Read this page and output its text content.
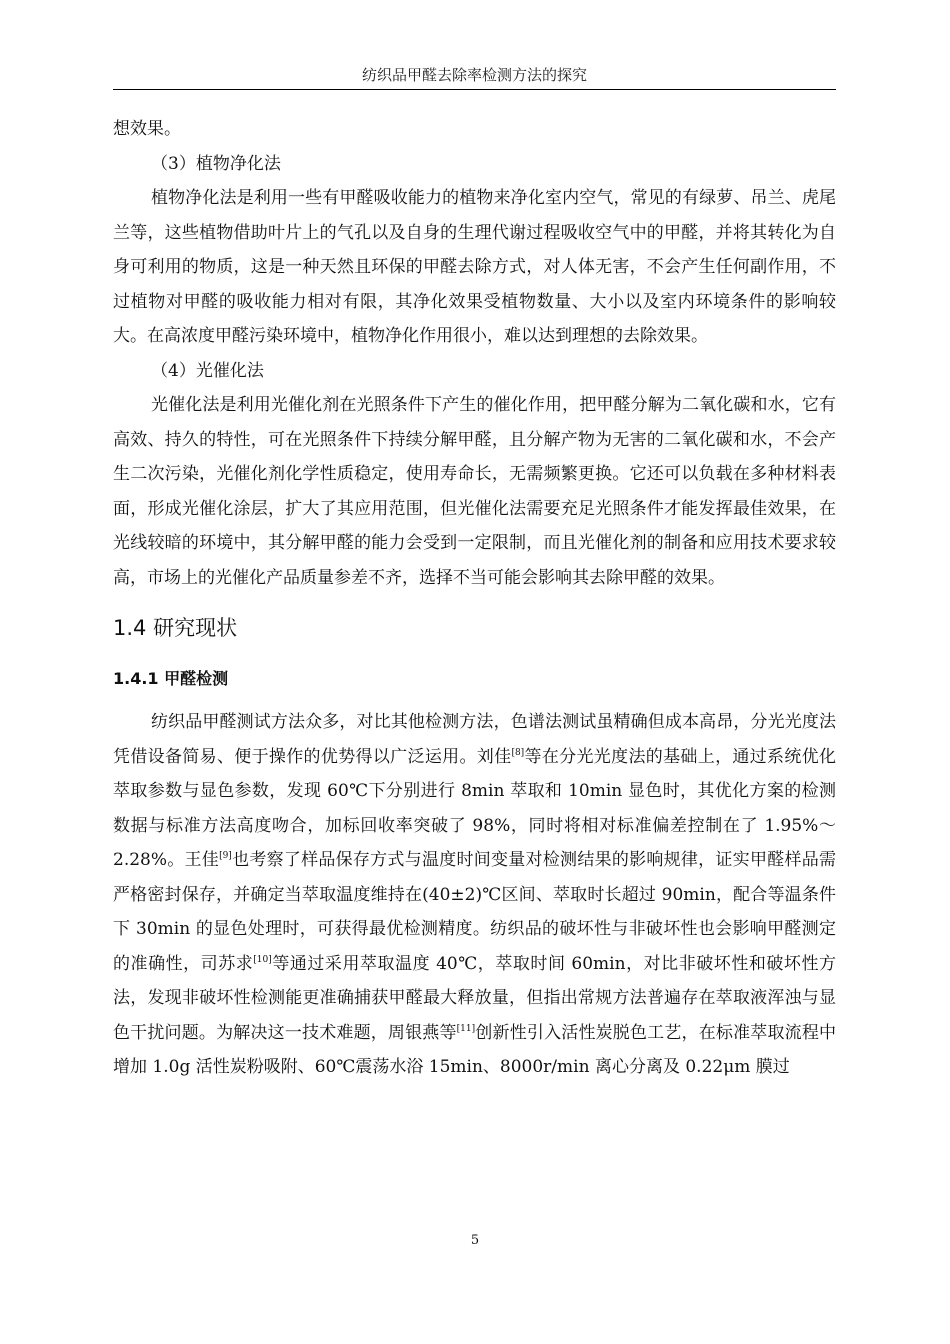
纺织品甲醛去除率检测方法的探究

想效果。

（3）植物净化法

植物净化法是利用一些有甲醛吸收能力的植物来净化室内空气，常见的有绿萝、吊兰、虎尾兰等，这些植物借助叶片上的气孔以及自身的生理代谢过程吸收空气中的甲醛，并将其转化为自身可利用的物质，这是一种天然且环保的甲醛去除方式，对人体无害，不会产生任何副作用，不过植物对甲醛的吸收能力相对有限，其净化效果受植物数量、大小以及室内环境条件的影响较大。在高浓度甲醛污染环境中，植物净化作用很小，难以达到理想的去除效果。

（4）光催化法

光催化法是利用光催化剂在光照条件下产生的催化作用，把甲醛分解为二氧化碳和水，它有高效、持久的特性，可在光照条件下持续分解甲醛，且分解产物为无害的二氧化碳和水，不会产生二次污染，光催化剂化学性质稳定，使用寿命长，无需频繁更换。它还可以负载在多种材料表面，形成光催化涂层，扩大了其应用范围，但光催化法需要充足光照条件才能发挥最佳效果，在光线较暗的环境中，其分解甲醛的能力会受到一定限制，而且光催化剂的制备和应用技术要求较高，市场上的光催化产品质量参差不齐，选择不当可能会影响其去除甲醛的效果。

1.4 研究现状
1.4.1 甲醛检测

纺织品甲醛测试方法众多，对比其他检测方法，色谱法测试虽精确但成本高昂，分光光度法凭借设备简易、便于操作的优势得以广泛运用。刘佳[8]等在分光光度法的基础上，通过系统优化萃取参数与显色参数，发现 60℃下分别进行 8min 萃取和 10min 显色时，其优化方案的检测数据与标准方法高度吻合，加标回收率突破了 98%，同时将相对标准偏差控制在了 1.95%～2.28%。王佳[9]也考察了样品保存方式与温度时间变量对检测结果的影响规律，证实甲醛样品需严格密封保存，并确定当萃取温度维持在(40±2)℃区间、萃取时长超过 90min，配合等温条件下 30min 的显色处理时，可获得最优检测精度。纺织品的破坏性与非破坏性也会影响甲醛测定的准确性，司苏求[10]等通过采用萃取温度 40℃，萃取时间 60min，对比非破坏性和破坏性方法，发现非破坏性检测能更准确捕获甲醛最大释放量，但指出常规方法普遍存在萃取液浑浊与显色干扰问题。为解决这一技术难题，周银燕等[11]创新性引入活性炭脱色工艺，在标准萃取流程中增加 1.0g 活性炭粉吸附、60℃震荡水浴 15min、8000r/min 离心分离及 0.22μm 膜过

5
